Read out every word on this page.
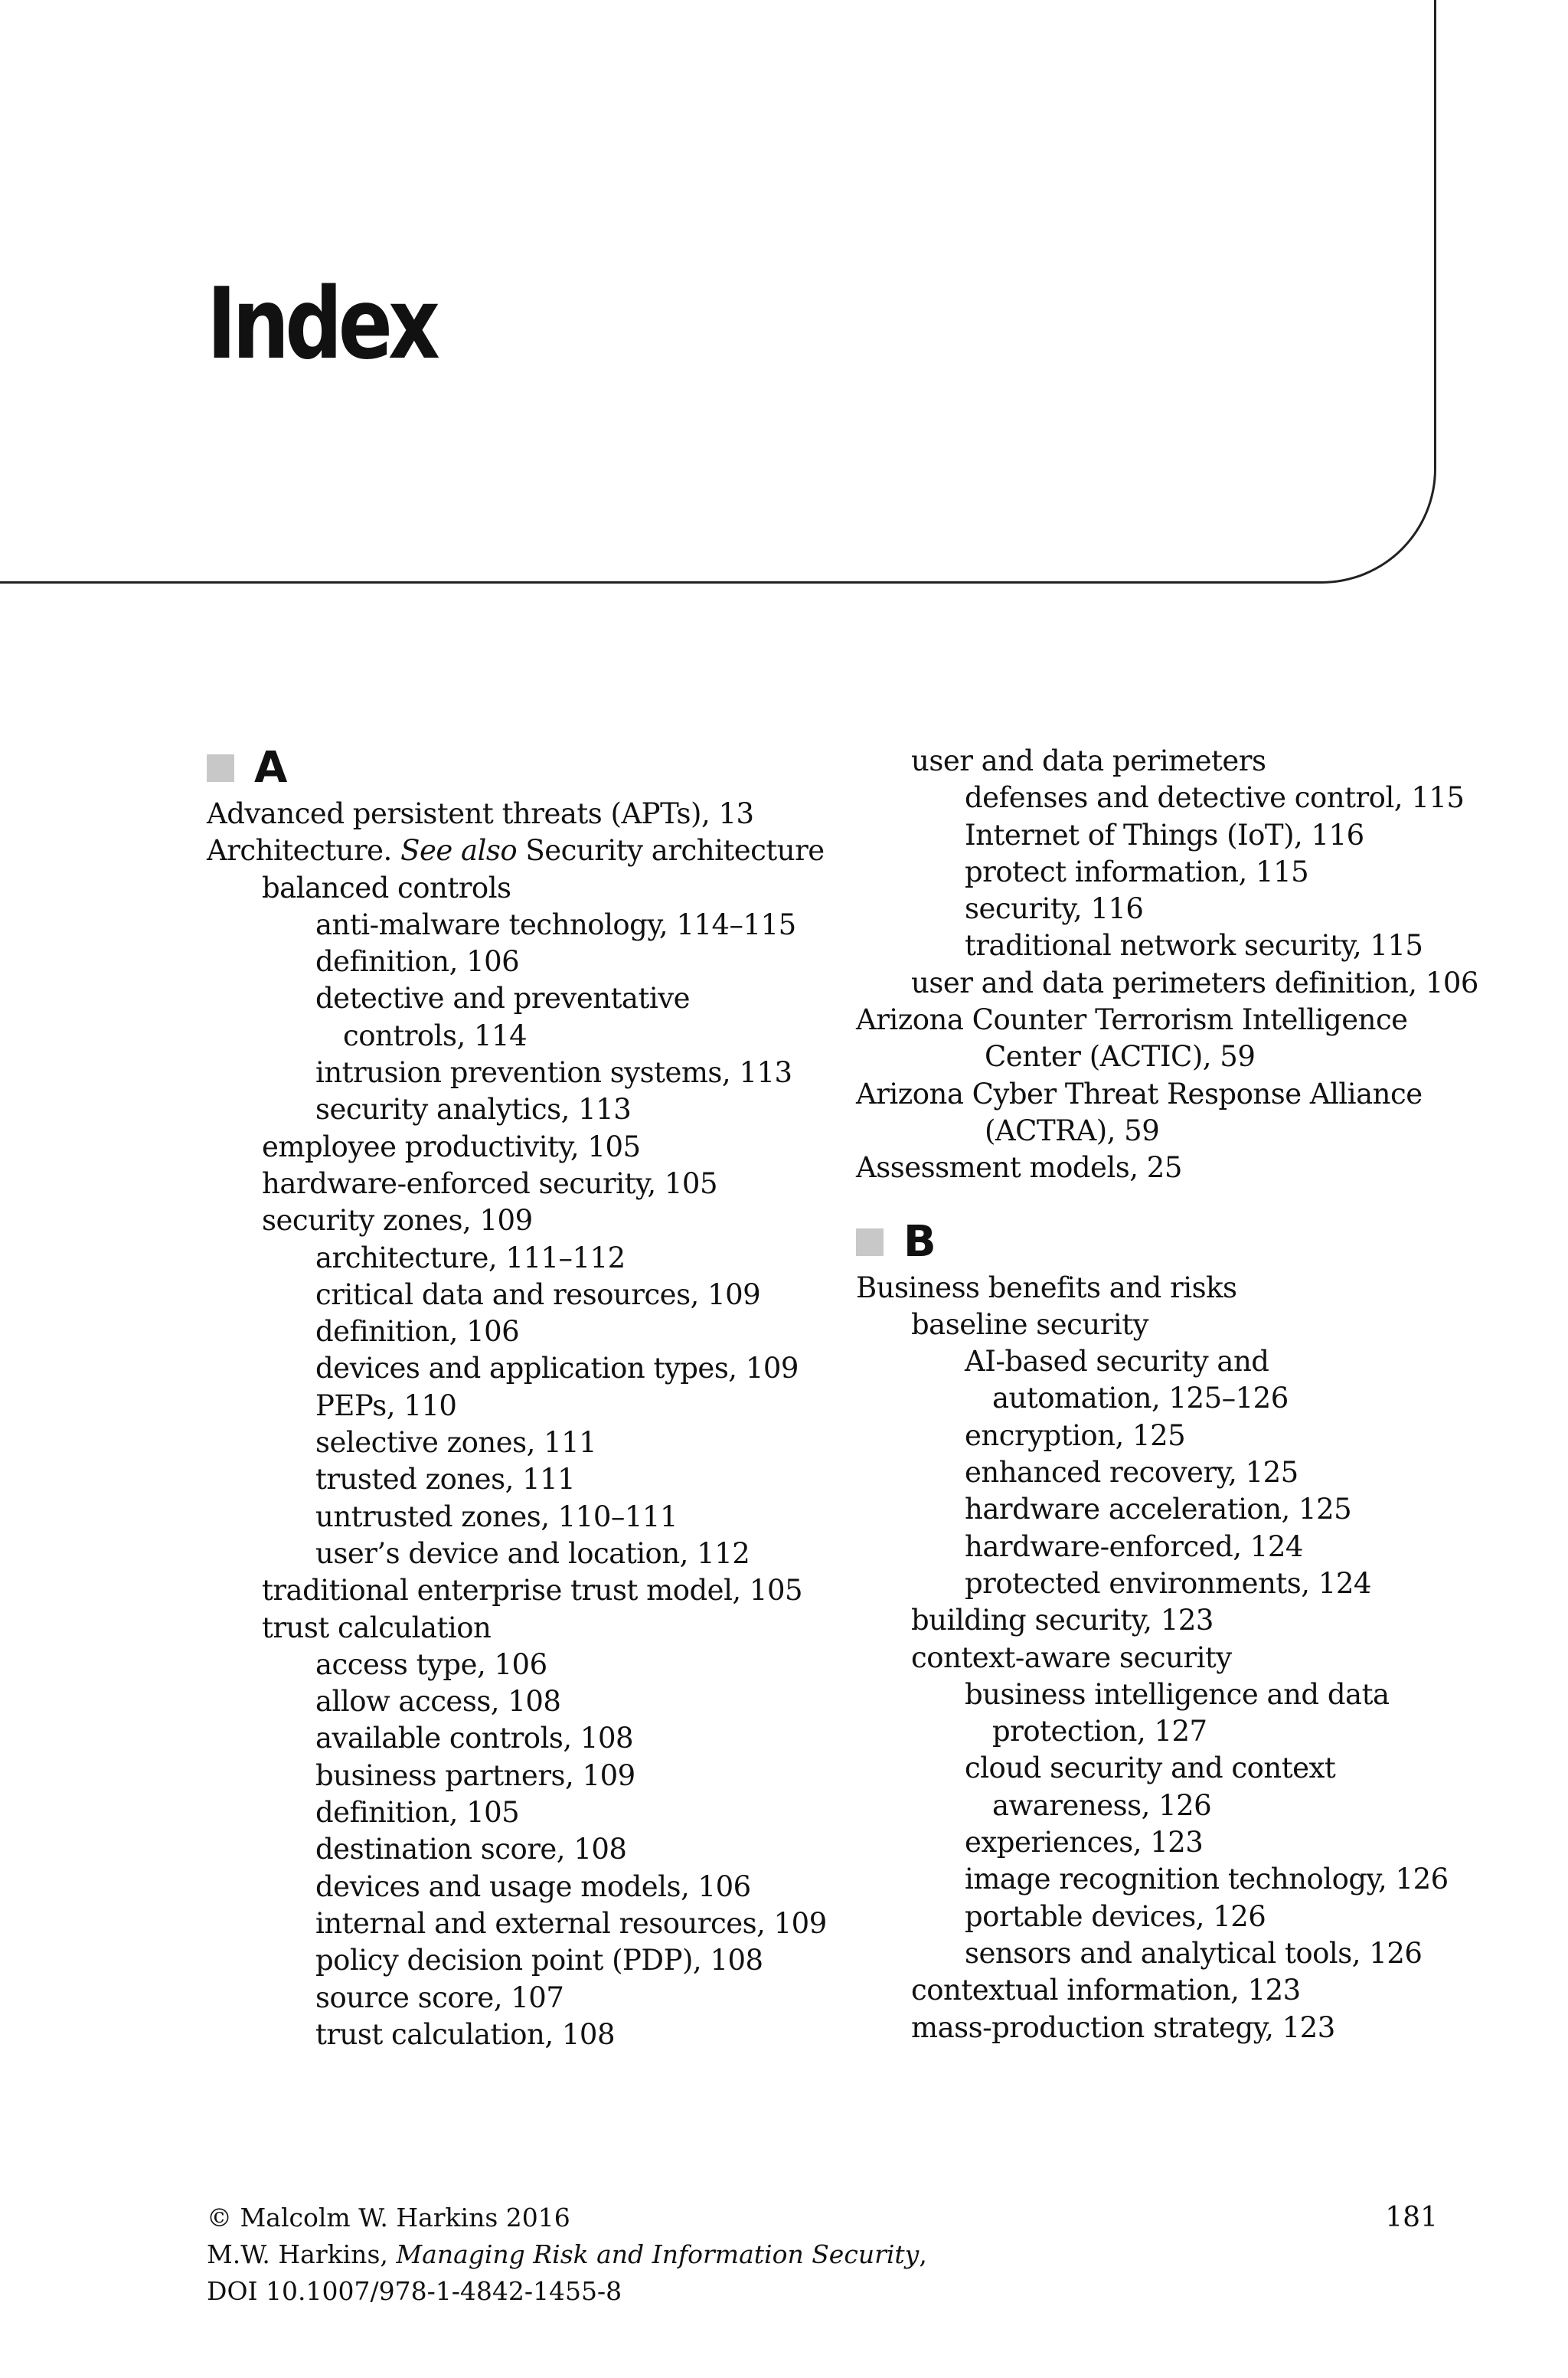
Index
A
Advanced persistent threats (APTs), 13
Architecture. See also Security architecture
balanced controls
anti-malware technology, 114–115
definition, 106
detective and preventative
controls, 114
intrusion prevention systems, 113
security analytics, 113
employee productivity, 105
hardware-enforced security, 105
security zones, 109
architecture, 111–112
critical data and resources, 109
definition, 106
devices and application types, 109
PEPs, 110
selective zones, 111
trusted zones, 111
untrusted zones, 110–111
user’s device and location, 112
traditional enterprise trust model, 105
trust calculation
access type, 106
allow access, 108
available controls, 108
business partners, 109
definition, 105
destination score, 108
devices and usage models, 106
internal and external resources, 109
policy decision point (PDP), 108
source score, 107
trust calculation, 108
user and data perimeters
defenses and detective control, 115
Internet of Things (IoT), 116
protect information, 115
security, 116
traditional network security, 115
user and data perimeters definition, 106
Arizona Counter Terrorism Intelligence
Center (ACTIC), 59
Arizona Cyber Threat Response Alliance
(ACTRA), 59
Assessment models, 25
B
Business benefits and risks
baseline security
AI-based security and
automation, 125–126
encryption, 125
enhanced recovery, 125
hardware acceleration, 125
hardware-enforced, 124
protected environments, 124
building security, 123
context-aware security
business intelligence and data
protection, 127
cloud security and context
awareness, 126
experiences, 123
image recognition technology, 126
portable devices, 126
sensors and analytical tools, 126
contextual information, 123
mass-production strategy, 123
© Malcolm W. Harkins 2016
M.W. Harkins, Managing Risk and Information Security,
DOI 10.1007/978-1-4842-1455-8
181
